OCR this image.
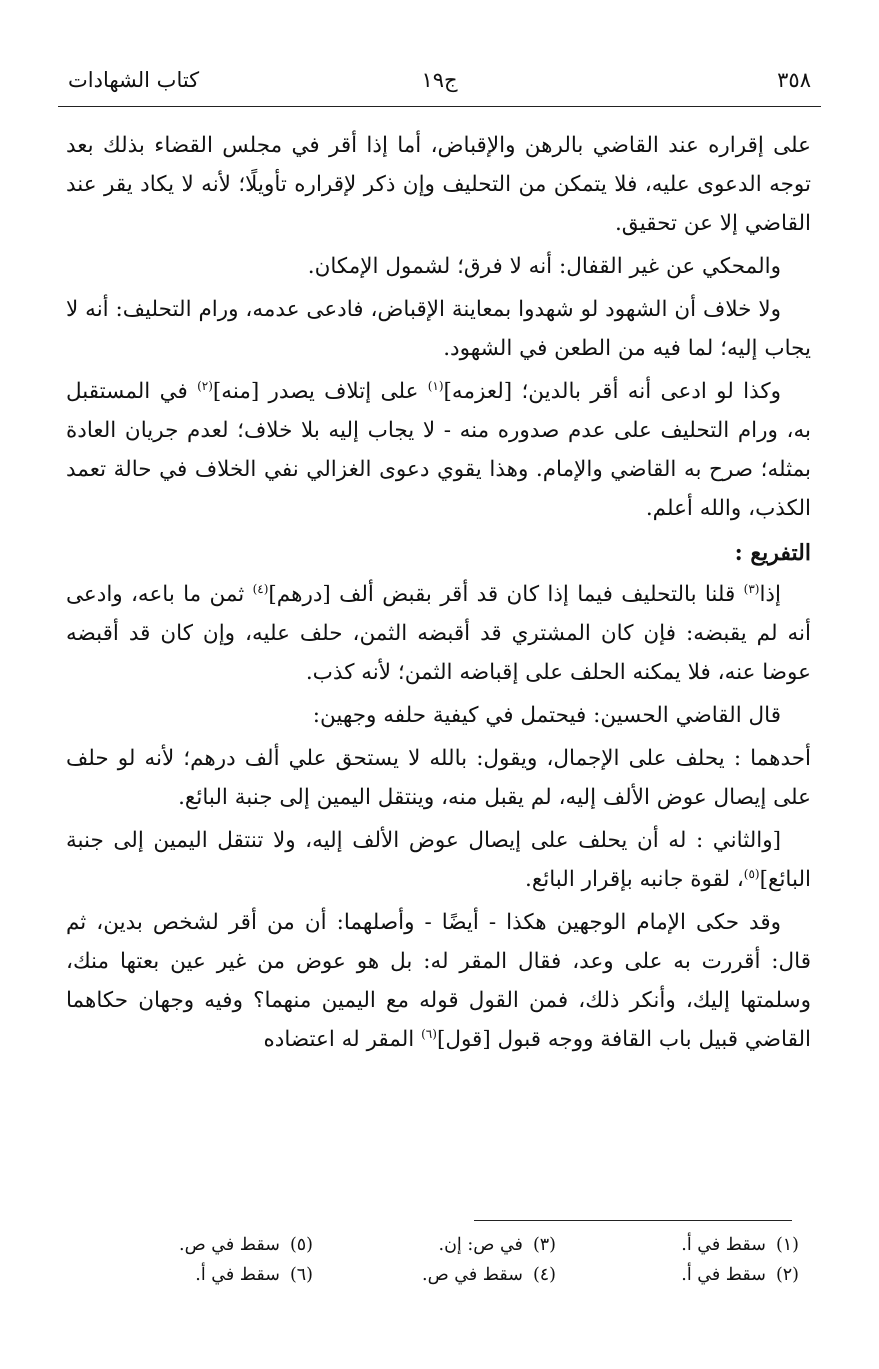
٣٥٨
ج١٩
كتاب الشهادات

على إقراره عند القاضي بالرهن والإقباض، أما إذا أقر في مجلس القضاء بذلك بعد توجه الدعوى عليه، فلا يتمكن من التحليف وإن ذكر لإقراره تأويلًا؛ لأنه لا يكاد يقر عند القاضي إلا عن تحقيق.

والمحكي عن غير القفال: أنه لا فرق؛ لشمول الإمكان.

ولا خلاف أن الشهود لو شهدوا بمعاينة الإقباض، فادعى عدمه، ورام التحليف: أنه لا يجاب إليه؛ لما فيه من الطعن في الشهود.

وكذا لو ادعى أنه أقر بالدين؛ [لعزمه]$^{(١)}$ على إتلاف يصدر [منه]$^{(٢)}$ في المستقبل به، ورام التحليف على عدم صدوره منه - لا يجاب إليه بلا خلاف؛ لعدم جريان العادة بمثله؛ صرح به القاضي والإمام. وهذا يقوي دعوى الغزالي نفي الخلاف في حالة تعمد الكذب، والله أعلم.

التفريع :

إذا$^{(٣)}$ قلنا بالتحليف فيما إذا كان قد أقر بقبض ألف [درهم]$^{(٤)}$ ثمن ما باعه، وادعى أنه لم يقبضه: فإن كان المشتري قد أقبضه الثمن، حلف عليه، وإن كان قد أقبضه عوضا عنه، فلا يمكنه الحلف على إقباضه الثمن؛ لأنه كذب.

قال القاضي الحسين: فيحتمل في كيفية حلفه وجهين:

أحدهما : يحلف على الإجمال، ويقول: بالله لا يستحق علي ألف درهم؛ لأنه لو حلف على إيصال عوض الألف إليه، لم يقبل منه، وينتقل اليمين إلى جنبة البائع.

[والثاني : له أن يحلف على إيصال عوض الألف إليه، ولا تنتقل اليمين إلى جنبة البائع]$^{(٥)}$، لقوة جانبه بإقرار البائع.

وقد حكى الإمام الوجهين هكذا - أيضًا - وأصلهما: أن من أقر لشخص بدين، ثم قال: أقررت به على وعد، فقال المقر له: بل هو عوض من غير عين بعتها منك، وسلمتها إليك، وأنكر ذلك، فمن القول قوله مع اليمين منهما؟ وفيه وجهان حكاهما القاضي قبيل باب القافة ووجه قبول [قول]$^{(٦)}$ المقر له اعتضاده

(١)سقط في أ.
(٢)سقط في أ.
(٣)في ص: إن.
(٤)سقط في ص.
(٥)سقط في ص.
(٦)سقط في أ.
